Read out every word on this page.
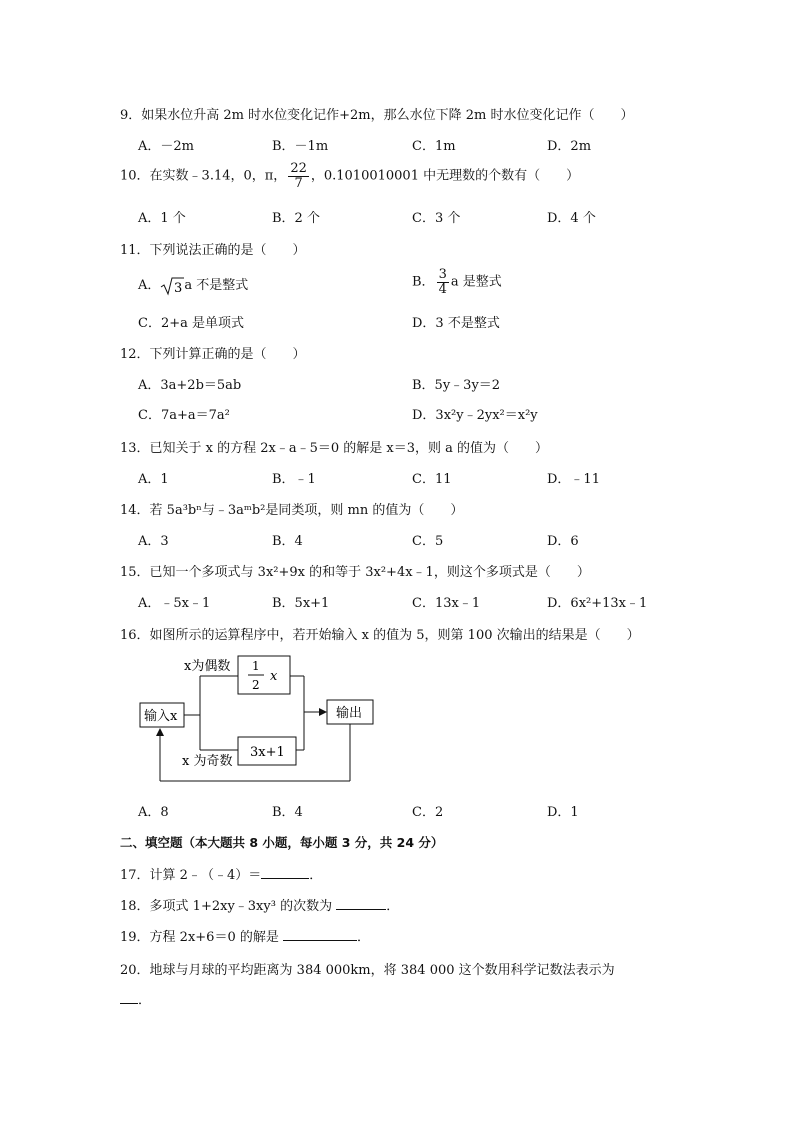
9．如果水位升高 2m 时水位变化记作+2m，那么水位下降 2m 时水位变化记作（　　）
A．－2m	B．－1m	C．1m	D．2m
10．在实数﹣3.14，0，π， $\frac{22}{7}$ ，0.1010010001 中无理数的个数有（　　）
A．1 个	B．2 个	C．3 个	D．4 个
11．下列说法正确的是（　　）
A． 3 a 不是整式	B． $\frac{3}{4}$ a 是整式
C．2+a 是单项式	D．3 不是整式
12．下列计算正确的是（　　）
A．3a+2b＝5ab	B．5y﹣3y＝2
C．7a+a＝7a²	D．3x²y﹣2yx²＝x²y
13．已知关于 x 的方程 2x﹣a﹣5＝0 的解是 x＝3，则 a 的值为（　　）
A．1	B．﹣1	C．11	D．﹣11
14．若 5a³bⁿ与﹣3aᵐb²是同类项，则 mn 的值为（　　）
A．3	B．4	C．5	D．6
15．已知一个多项式与 3x²+9x 的和等于 3x²+4x﹣1，则这个多项式是（　　）
A．﹣5x﹣1	B．5x+1	C．13x﹣1	D．6x²+13x﹣1
16．如图所示的运算程序中，若开始输入 x 的值为 5，则第 100 次输出的结果是（　　）
输入x
x为偶数 1
2
x
x 为奇数
3x+1
输出
A．8	B．4	C．2	D．1
二、填空题（本大题共 8 小题，每小题 3 分，共 24 分）
17．计算 2﹣（﹣4）＝	．
18．多项式 1+2xy﹣3xy³ 的次数为	．
19．方程 2x+6＝0 的解是	．
20．地球与月球的平均距离为 384 000km，将 384 000 这个数用科学记数法表示为
．
